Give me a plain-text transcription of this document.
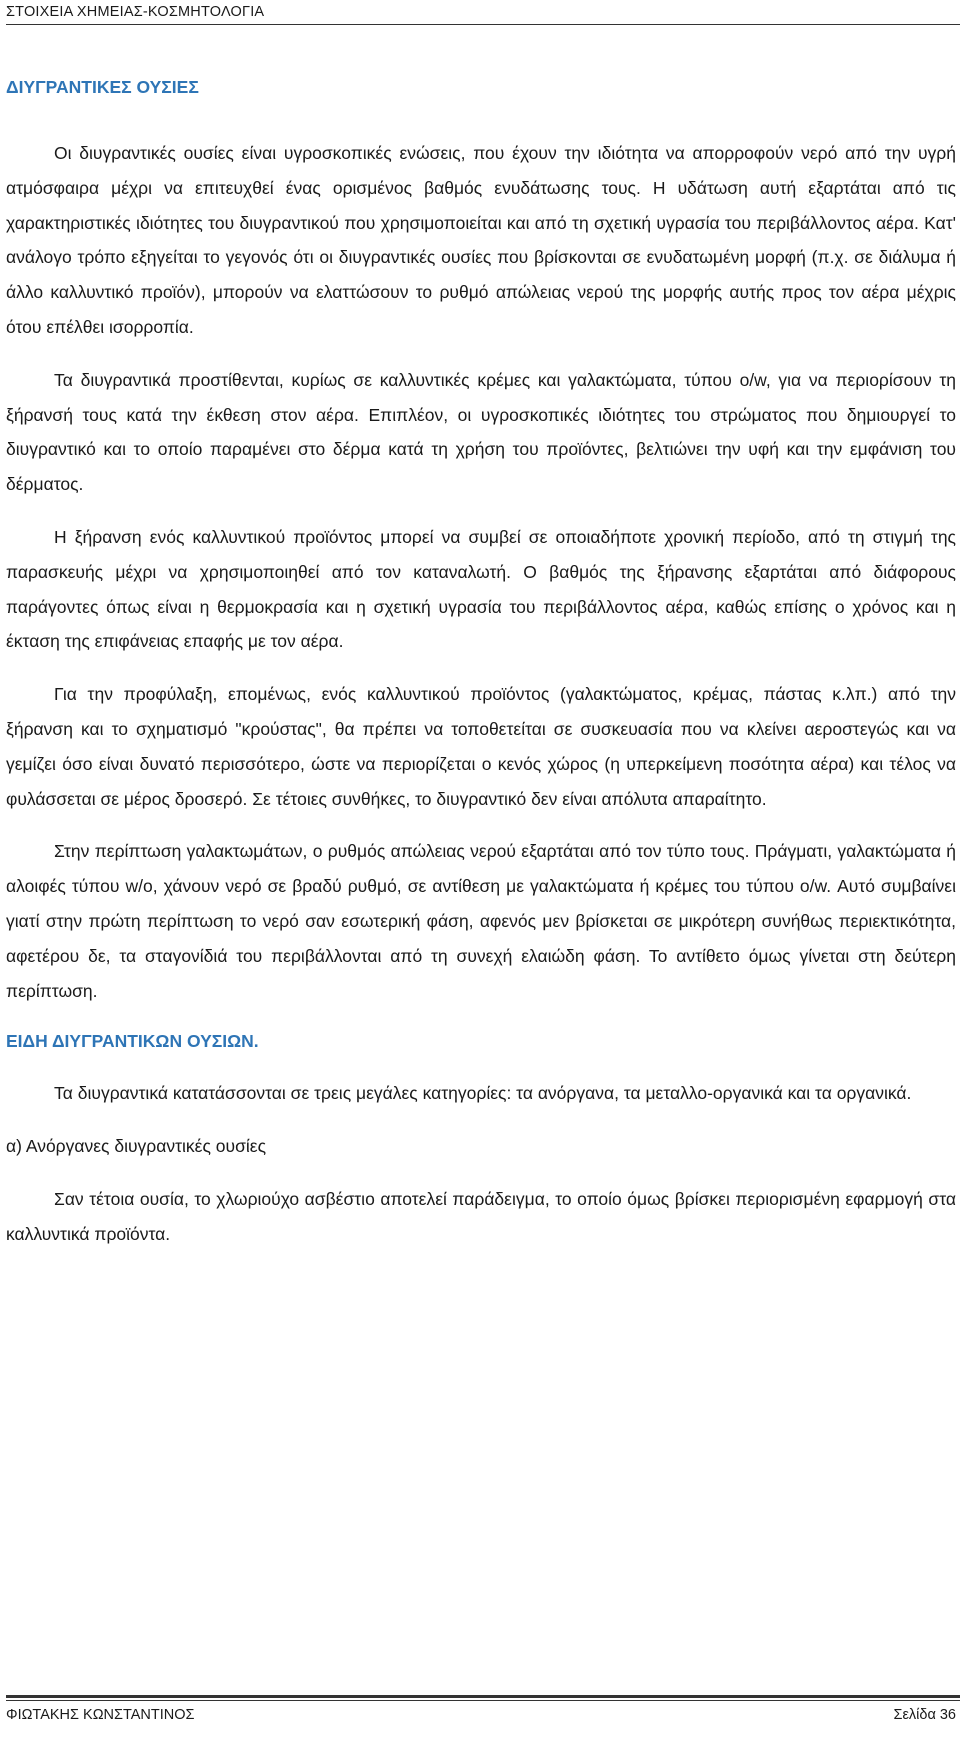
ΣΤΟΙΧΕΙΑ ΧΗΜΕΙΑΣ-ΚΟΣΜΗΤΟΛΟΓΙΑ
ΔΙΥΓΡΑΝΤΙΚΕΣ ΟΥΣΙΕΣ

Οι διυγραντικές ουσίες είναι υγροσκοπικές ενώσεις, που έχουν την ιδιότητα να απορροφούν νερό από την υγρή ατμόσφαιρα μέχρι να επιτευχθεί ένας ορισμένος βαθμός ενυδάτωσης τους. Η υδάτωση αυτή εξαρτάται από τις χαρακτηριστικές ιδιότητες του διυγραντικού που χρησιμοποιείται και από τη σχετική υγρασία του περιβάλλοντος αέρα. Κατ' ανάλογο τρόπο εξηγείται το γεγονός ότι οι διυγραντικές ουσίες που βρίσκονται σε ενυδατωμένη μορφή (π.χ. σε διάλυμα ή άλλο καλλυντικό προϊόν), μπορούν να ελαττώσουν το ρυθμό απώλειας νερού της μορφής αυτής προς τον αέρα μέχρις ότου επέλθει ισορροπία.

Τα διυγραντικά προστίθενται, κυρίως σε καλλυντικές κρέμες και γαλακτώματα, τύπου o/w, για να περιορίσουν τη ξήρανσή τους κατά την έκθεση στον αέρα. Επιπλέον, οι υγροσκοπικές ιδιότητες του στρώματος που δημιουργεί το διυγραντικό και το οποίο παραμένει στο δέρμα κατά τη χρήση του προϊόντες, βελτιώνει την υφή και την εμφάνιση του δέρματος.

Η ξήρανση ενός καλλυντικού προϊόντος μπορεί να συμβεί σε οποιαδήποτε χρονική περίοδο, από τη στιγμή της παρασκευής μέχρι να χρησιμοποιηθεί από τον καταναλωτή. Ο βαθμός της ξήρανσης εξαρτάται από διάφορους παράγοντες όπως είναι η θερμοκρασία και η σχετική υγρασία του περιβάλλοντος αέρα, καθώς επίσης ο χρόνος και η έκταση της επιφάνειας επαφής με τον αέρα.

Για την προφύλαξη, επομένως, ενός καλλυντικού προϊόντος (γαλακτώματος, κρέμας, πάστας κ.λπ.) από την ξήρανση και το σχηματισμό "κρούστας", θα πρέπει να τοποθετείται σε συσκευασία που να κλείνει αεροστεγώς και να γεμίζει όσο είναι δυνατό περισσότερο, ώστε να περιορίζεται ο κενός χώρος (η υπερκείμενη ποσότητα αέρα) και τέλος να φυλάσσεται σε μέρος δροσερό. Σε τέτοιες συνθήκες, το διυγραντικό δεν είναι απόλυτα απαραίτητο.

Στην περίπτωση γαλακτωμάτων, ο ρυθμός απώλειας νερού εξαρτάται από τον τύπο τους. Πράγματι, γαλακτώματα ή αλοιφές τύπου w/o, χάνουν νερό σε βραδύ ρυθμό, σε αντίθεση με γαλακτώματα ή κρέμες του τύπου o/w. Αυτό συμβαίνει γιατί στην πρώτη περίπτωση το νερό σαν εσωτερική φάση, αφενός μεν βρίσκεται σε μικρότερη συνήθως περιεκτικότητα, αφετέρου δε, τα σταγονίδιά του περιβάλλονται από τη συνεχή ελαιώδη φάση. Το αντίθετο όμως γίνεται στη δεύτερη περίπτωση.

ΕΙΔΗ ΔΙΥΓΡΑΝΤΙΚΩΝ ΟΥΣΙΩΝ.

Τα διυγραντικά κατατάσσονται σε τρεις μεγάλες κατηγορίες: τα ανόργανα, τα μεταλλο-οργανικά και τα οργανικά.

α) Ανόργανες διυγραντικές ουσίες

Σαν τέτοια ουσία, το χλωριούχο ασβέστιο αποτελεί παράδειγμα, το οποίο όμως βρίσκει περιορισμένη εφαρμογή στα καλλυντικά προϊόντα.

ΦΙΩΤΑΚΗΣ ΚΩΝΣΤΑΝΤΙΝΟΣ	Σελίδα 36
